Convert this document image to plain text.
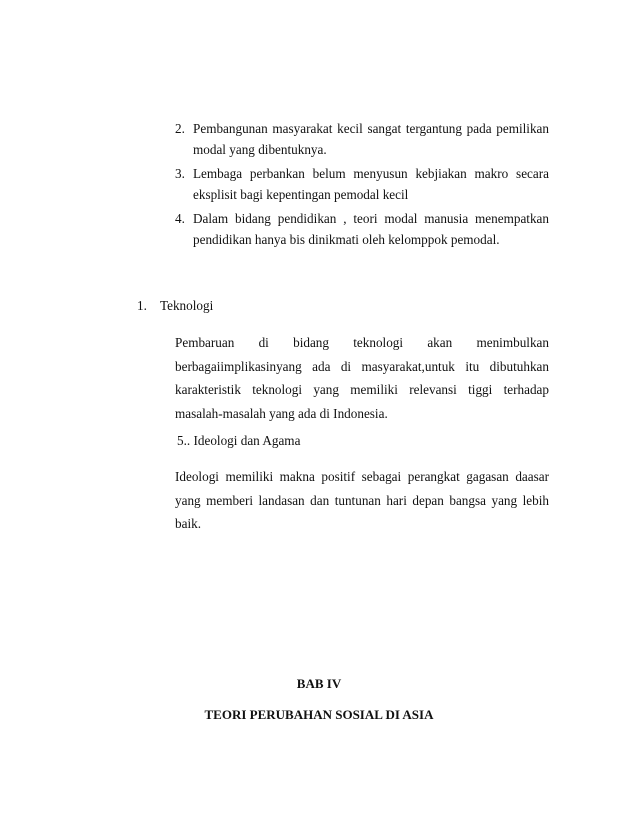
2. Pembangunan masyarakat kecil sangat tergantung pada pemilikan modal yang dibentuknya.
3. Lembaga perbankan belum menyusun kebjiakan makro secara eksplisit bagi kepentingan pemodal kecil
4. Dalam bidang pendidikan , teori modal manusia menempatkan pendidikan hanya bis dinikmati oleh kelomppok pemodal.
1. Teknologi

Pembaruan di bidang teknologi akan menimbulkan berbagaiimplikasinyang ada di masyarakat,untuk itu dibutuhkan karakteristik teknologi yang memiliki relevansi tiggi terhadap masalah-masalah yang ada di Indonesia.

5.. Ideologi dan Agama

Ideologi memiliki makna positif sebagai perangkat gagasan daasar yang memberi landasan dan tuntunan hari depan bangsa yang lebih baik.

BAB IV
TEORI PERUBAHAN SOSIAL DI ASIA
